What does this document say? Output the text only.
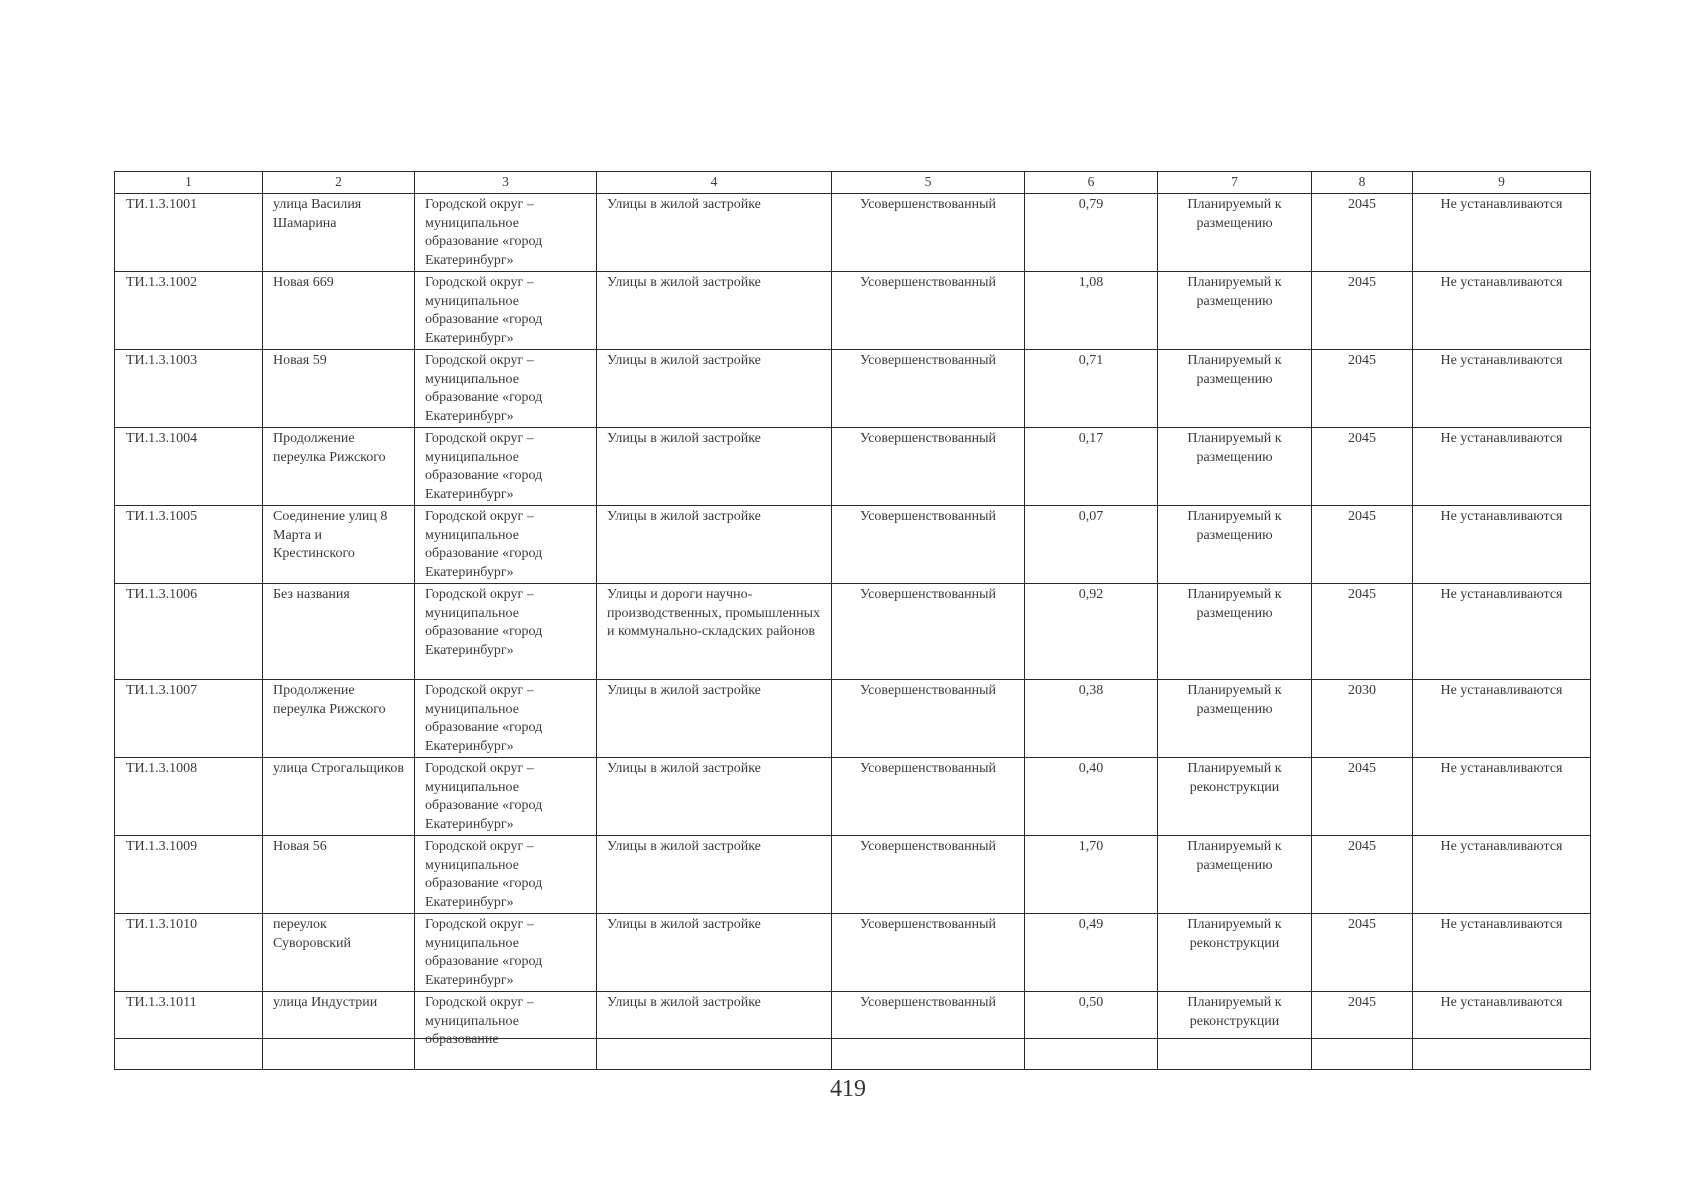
1	2	3	4	5	6	7	8	9

ТИ.1.3.1001	улица Василия Шамарина	Городской округ – муниципальное образование «город Екатеринбург»	Улицы в жилой застройке	Усовершенствованный	0,79	Планируемый к размещению	2045	Не устанавливаются

ТИ.1.3.1002	Новая 669	Городской округ – муниципальное образование «город Екатеринбург»	Улицы в жилой застройке	Усовершенствованный	1,08	Планируемый к размещению	2045	Не устанавливаются

ТИ.1.3.1003	Новая 59	Городской округ – муниципальное образование «город Екатеринбург»	Улицы в жилой застройке	Усовершенствованный	0,71	Планируемый к размещению	2045	Не устанавливаются

ТИ.1.3.1004	Продолжение переулка Рижского	Городской округ – муниципальное образование «город Екатеринбург»	Улицы в жилой застройке	Усовершенствованный	0,17	Планируемый к размещению	2045	Не устанавливаются

ТИ.1.3.1005	Соединение улиц 8 Марта и Крестинского	Городской округ – муниципальное образование «город Екатеринбург»	Улицы в жилой застройке	Усовершенствованный	0,07	Планируемый к размещению	2045	Не устанавливаются

ТИ.1.3.1006	Без названия	Городской округ – муниципальное образование «город Екатеринбург»	Улицы и дороги научно-производственных, промышленных и коммунально-складских районов	Усовершенствованный	0,92	Планируемый к размещению	2045	Не устанавливаются

ТИ.1.3.1007	Продолжение переулка Рижского	Городской округ – муниципальное образование «город Екатеринбург»	Улицы в жилой застройке	Усовершенствованный	0,38	Планируемый к размещению	2030	Не устанавливаются

ТИ.1.3.1008	улица Строгальщиков	Городской округ – муниципальное образование «город Екатеринбург»	Улицы в жилой застройке	Усовершенствованный	0,40	Планируемый к реконструкции	2045	Не устанавливаются

ТИ.1.3.1009	Новая 56	Городской округ – муниципальное образование «город Екатеринбург»	Улицы в жилой застройке	Усовершенствованный	1,70	Планируемый к размещению	2045	Не устанавливаются

ТИ.1.3.1010	переулок Суворовский	Городской округ – муниципальное образование «город Екатеринбург»	Улицы в жилой застройке	Усовершенствованный	0,49	Планируемый к реконструкции	2045	Не устанавливаются

ТИ.1.3.1011	улица Индустрии	Городской округ – муниципальное образование	Улицы в жилой застройке	Усовершенствованный	0,50	Планируемый к реконструкции	2045	Не устанавливаются
419
